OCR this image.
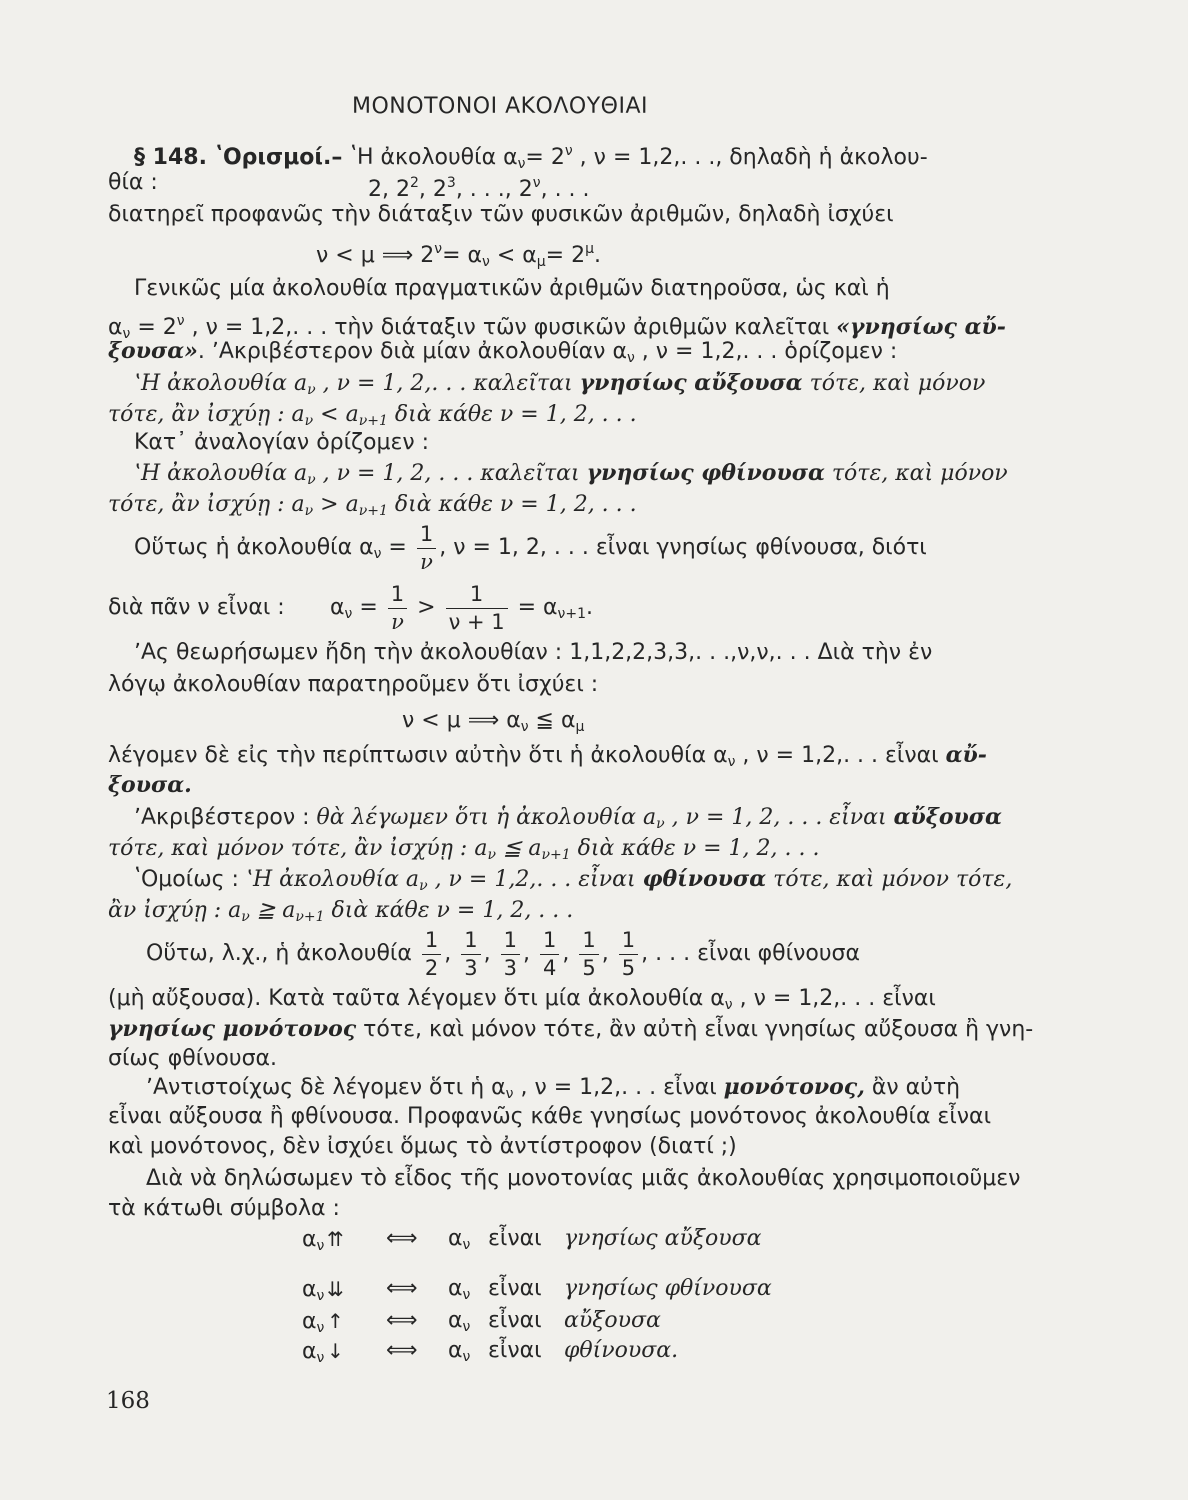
ΜΟΝΟΤΟΝΟΙ ΑΚΟΛΟΥΘΙΑΙ
§ 148. ʽΟρισμοί.– ʽΗ ἀκολουθία $\alpha_\nu= 2^\nu$ , ν = 1,2,. . ., δηλαδὴ ἡ ἀκολου-
θία :	2, $2^2$, $2^3$, . . ., $2^\nu$, . . .
διατηρεῖ προφανῶς τὴν διάταξιν τῶν φυσικῶν ἀριθμῶν, δηλαδὴ ἰσχύει
ν < μ ⟹ $2^\nu= \alpha_\nu < \alpha_\mu= 2^\mu$.
Γενικῶς μία ἀκολουθία πραγματικῶν ἀριθμῶν διατηροῦσα, ὡς καὶ ἡ
$\alpha_\nu = 2^\nu$ , ν = 1,2,. . . τὴν διάταξιν τῶν φυσικῶν ἀριθμῶν καλεῖται «γνησίως αὔ-
ξουσα». ʼΑκριβέστερον διὰ μίαν ἀκολουθίαν $\alpha_\nu$ , ν = 1,2,. . . ὁρίζομεν :
ʽΗ ἀκολουθία $a_\nu$ , ν = 1, 2,. . . καλεῖται γνησίως αὔξουσα τότε, καὶ μόνον
τότε, ἂν ἰσχύῃ : $a_\nu < a_{\nu+1}$ διὰ κάθε ν = 1, 2, . . .
Κατ᾽ ἀναλογίαν ὁρίζομεν :
ʽΗ ἀκολουθία $a_\nu$ , ν = 1, 2, . . . καλεῖται γνησίως φθίνουσα τότε, καὶ μόνον
τότε, ἂν ἰσχύῃ : $a_\nu > a_{\nu+1}$ διὰ κάθε ν = 1, 2, . . .
Οὕτως ἡ ἀκολουθία $\alpha_\nu = \frac{1}{\nu}$ , ν = 1, 2, . . . εἶναι γνησίως φθίνουσα, διότι
διὰ πᾶν ν εἶναι : $\alpha_\nu = \frac{1}{\nu} > \frac{1}{\nu + 1} = \alpha_{\nu+1}$.
ʼΑς θεωρήσωμεν ἤδη τὴν ἀκολουθίαν : 1,1,2,2,3,3,. . .,ν,ν,. . . Διὰ τὴν ἐν
λόγῳ ἀκολουθίαν παρατηροῦμεν ὅτι ἰσχύει :
ν < μ ⟹ $\alpha_\nu$ ≦ $\alpha_\mu$
λέγομεν δὲ εἰς τὴν περίπτωσιν αὐτὴν ὅτι ἡ ἀκολουθία $\alpha_\nu$ , ν = 1,2,. . . εἶναι αὔ-
ξουσα.
ʼΑκριβέστερον : θὰ λέγωμεν ὅτι ἡ ἀκολουθία $a_\nu$ , ν = 1, 2, . . . εἶναι αὔξουσα
τότε, καὶ μόνον τότε, ἂν ἰσχύῃ : $a_\nu$ ≦ $a_{\nu+1}$ διὰ κάθε ν = 1, 2, . . .
ʽΟμοίως : ʽΗ ἀκολουθία $a_\nu$ , ν = 1,2,. . . εἶναι φθίνουσα τότε, καὶ μόνον τότε,
ἂν ἰσχύῃ : $a_\nu$ ≧ $a_{\nu+1}$ διὰ κάθε ν = 1, 2, . . .
Οὕτω, λ.χ., ἡ ἀκολουθία $\frac{1}{2}$ , $\frac{1}{3}$ , $\frac{1}{3}$ , $\frac{1}{4}$ , $\frac{1}{5}$ , $\frac{1}{5}$ , . . . εἶναι φθίνουσα
(μὴ αὔξουσα). Κατὰ ταῦτα λέγομεν ὅτι μία ἀκολουθία $\alpha_\nu$ , ν = 1,2,. . . εἶναι
γνησίως μονότονος τότε, καὶ μόνον τότε, ἂν αὐτὴ εἶναι γνησίως αὔξουσα ἢ γνη-
σίως φθίνουσα.
ʼΑντιστοίχως δὲ λέγομεν ὅτι ἡ $\alpha_\nu$ , ν = 1,2,. . . εἶναι μονότονος, ἂν αὐτὴ
εἶναι αὔξουσα ἢ φθίνουσα. Προφανῶς κάθε γνησίως μονότονος ἀκολουθία εἶναι
καὶ μονότονος, δὲν ἰσχύει ὅμως τὸ ἀντίστροφον (διατί ;)
Διὰ νὰ δηλώσωμεν τὸ εἶδος τῆς μονοτονίας μιᾶς ἀκολουθίας χρησιμοποιοῦμεν
τὰ κάτωθι σύμβολα :
$\alpha_\nu$ ⇈ ⟺ $\alpha_\nu$ εἶναι γνησίως αὔξουσα
$\alpha_\nu$ ⇊ ⟺ $\alpha_\nu$ εἶναι γνησίως φθίνουσα
$\alpha_\nu$ ↑ ⟺ $\alpha_\nu$ εἶναι αὔξουσα
$\alpha_\nu$ ↓ ⟺ $\alpha_\nu$ εἶναι φθίνουσα.
168
